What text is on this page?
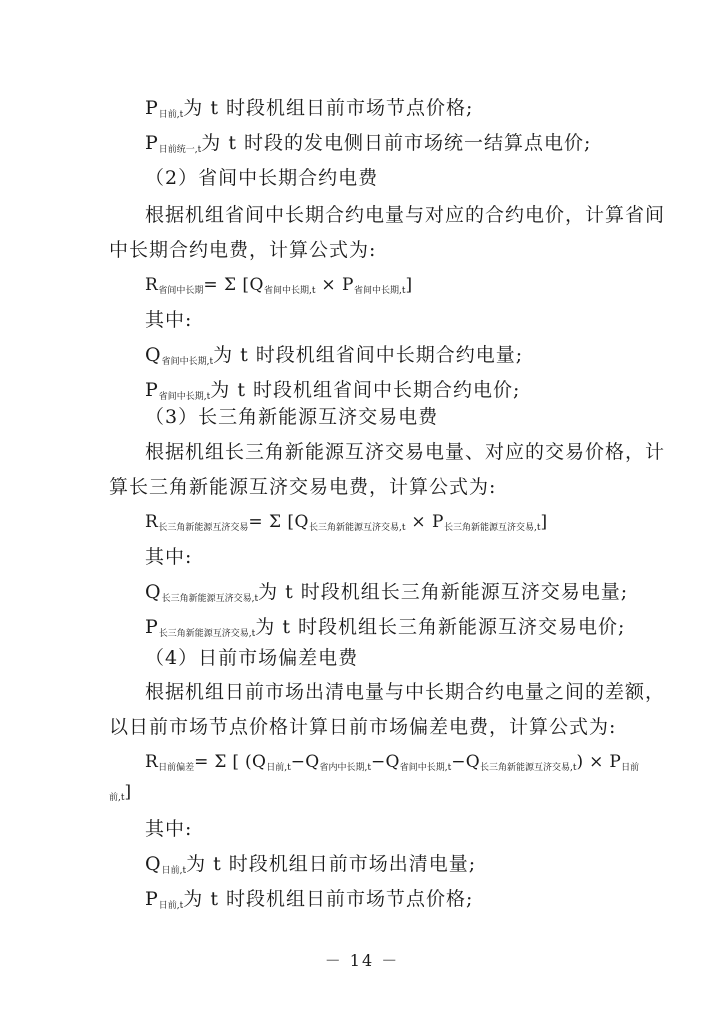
$P_{日前,t}$为 t 时段机组日前市场节点价格;
$P_{日前统一,t}$为 t 时段的发电侧日前市场统一结算点电价;
（2）省间中长期合约电费
根据机组省间中长期合约电量与对应的合约电价，计算省间
中长期合约电费，计算公式为:
$R_{省间中长期}= \Sigma$ $[Q_{省间中长期,t} \times P_{省间中长期,t}]$
其中:
$Q_{省间中长期,t}$为 t 时段机组省间中长期合约电量;
$P_{省间中长期,t}$为 t 时段机组省间中长期合约电价;
（3）长三角新能源互济交易电费
根据机组长三角新能源互济交易电量、对应的交易价格，计
算长三角新能源互济交易电费，计算公式为:
$R_{长三角新能源互济交易}= \Sigma$ $[Q_{长三角新能源互济交易,t} \times P_{长三角新能源互济交易,t}]$
其中:
$Q_{长三角新能源互济交易,t}$为 t 时段机组长三角新能源互济交易电量;
$P_{长三角新能源互济交易,t}$为 t 时段机组长三角新能源互济交易电价;
（4）日前市场偏差电费
根据机组日前市场出清电量与中长期合约电量之间的差额，
以日前市场节点价格计算日前市场偏差电费，计算公式为:
$R_{日前偏差}= \Sigma$ [ $(Q_{日前,t}-Q_{省内中长期,t}-Q_{省间中长期,t}-Q_{长三角新能源互济交易,t}) \times P_{日前}$
$_{前,t}$]
其中:
$Q_{日前,t}$为 t 时段机组日前市场出清电量;
$P_{日前,t}$为 t 时段机组日前市场节点价格;
－ 14 －
